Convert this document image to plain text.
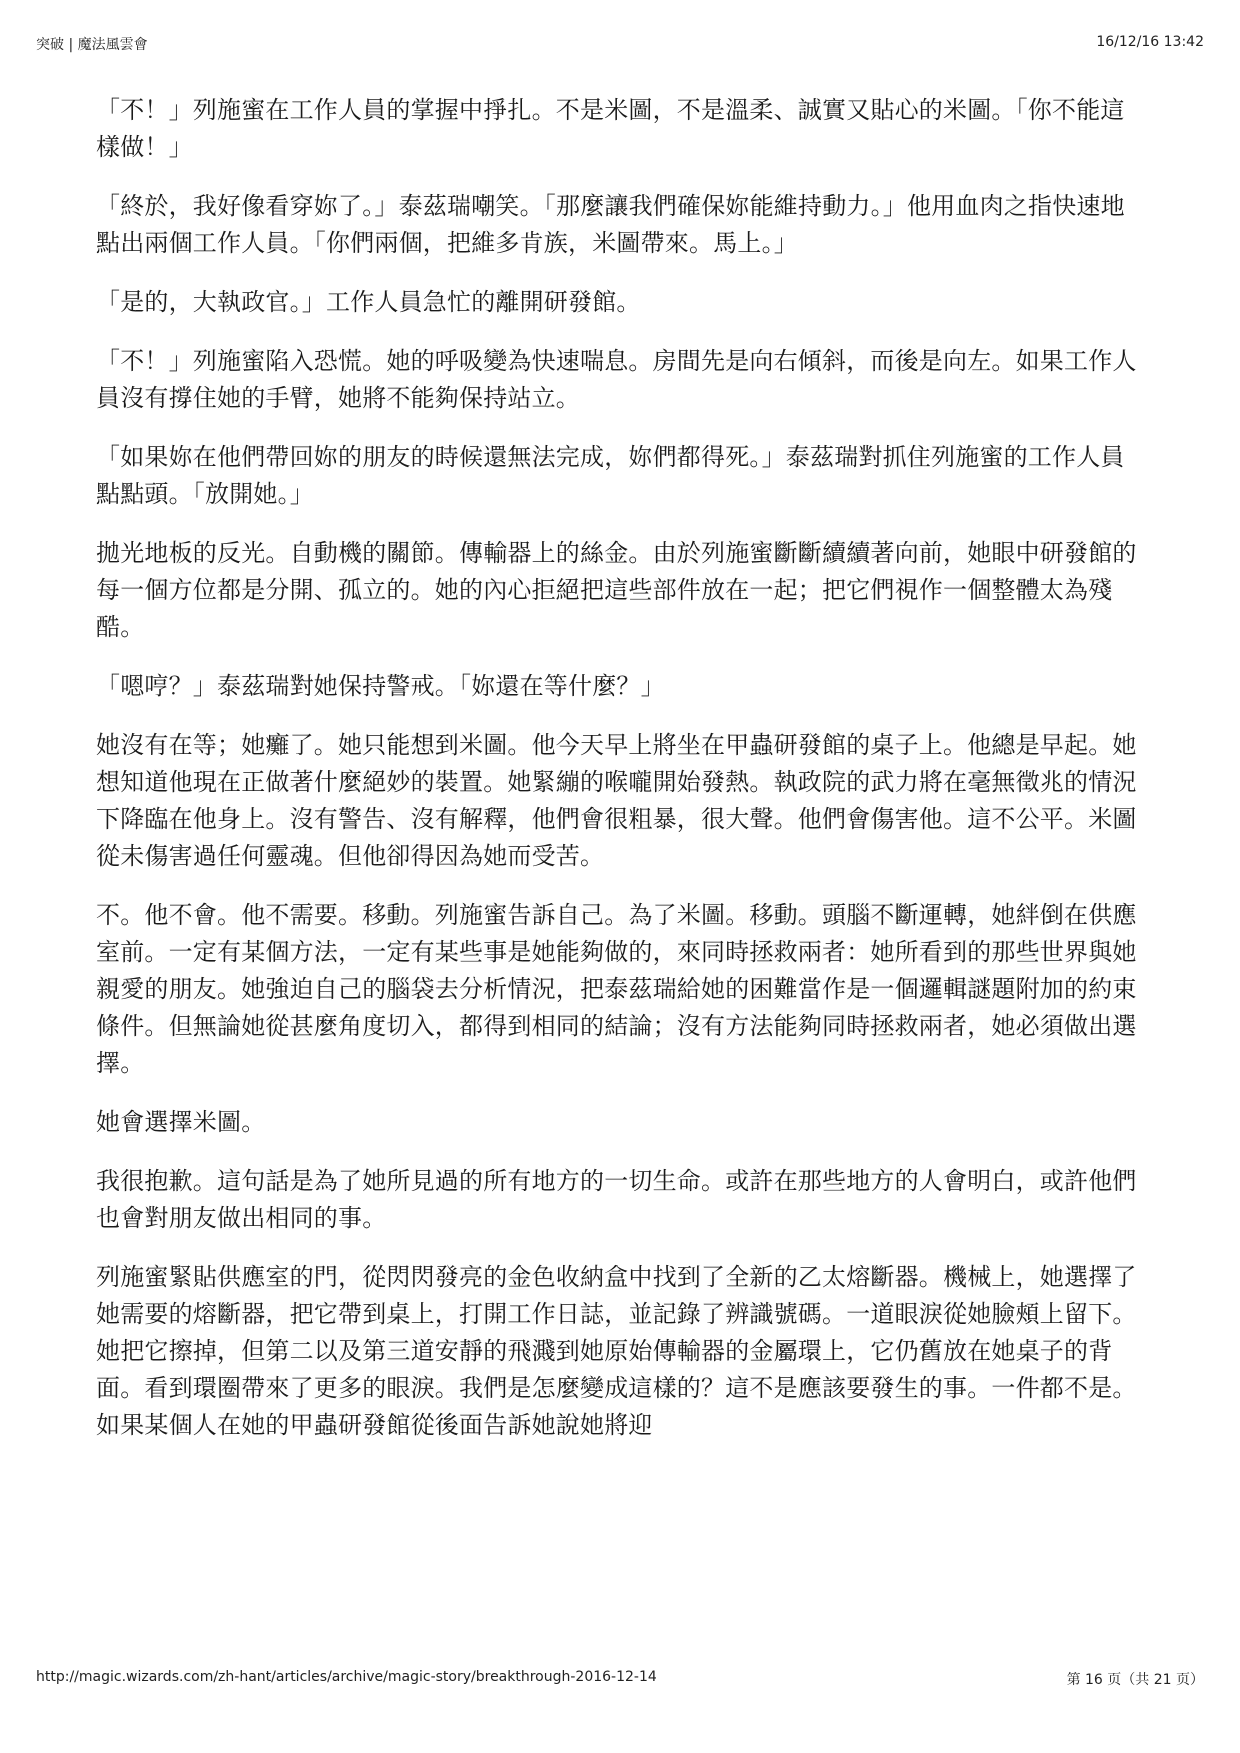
突破 | 魔法風雲會	16/12/16 13:42

「不！」列施蜜在工作人員的掌握中掙扎。不是米圖，不是溫柔、誠實又貼心的米圖。「你不能這樣做！」

「終於，我好像看穿妳了。」泰茲瑞嘲笑。「那麼讓我們確保妳能維持動力。」他用血肉之指快速地點出兩個工作人員。「你們兩個，把維多肯族，米圖帶來。馬上。」

「是的，大執政官。」工作人員急忙的離開研發館。

「不！」列施蜜陷入恐慌。她的呼吸變為快速喘息。房間先是向右傾斜，而後是向左。如果工作人員沒有撐住她的手臂，她將不能夠保持站立。

「如果妳在他們帶回妳的朋友的時候還無法完成，妳們都得死。」泰茲瑞對抓住列施蜜的工作人員點點頭。「放開她。」

拋光地板的反光。自動機的關節。傳輸器上的絲金。由於列施蜜斷斷續續著向前，她眼中研發館的每一個方位都是分開、孤立的。她的內心拒絕把這些部件放在一起；把它們視作一個整體太為殘酷。

「嗯哼？」泰茲瑞對她保持警戒。「妳還在等什麼？」

她沒有在等；她癱了。她只能想到米圖。他今天早上將坐在甲蟲研發館的桌子上。他總是早起。她想知道他現在正做著什麼絕妙的裝置。她緊繃的喉嚨開始發熱。執政院的武力將在毫無徵兆的情況下降臨在他身上。沒有警告、沒有解釋，他們會很粗暴，很大聲。他們會傷害他。這不公平。米圖從未傷害過任何靈魂。但他卻得因為她而受苦。

不。他不會。他不需要。移動。列施蜜告訴自己。為了米圖。移動。頭腦不斷運轉，她絆倒在供應室前。一定有某個方法，一定有某些事是她能夠做的，來同時拯救兩者：她所看到的那些世界與她親愛的朋友。她強迫自己的腦袋去分析情況，把泰茲瑞給她的困難當作是一個邏輯謎題附加的約束條件。但無論她從甚麼角度切入，都得到相同的結論；沒有方法能夠同時拯救兩者，她必須做出選擇。

她會選擇米圖。

我很抱歉。這句話是為了她所見過的所有地方的一切生命。或許在那些地方的人會明白，或許他們也會對朋友做出相同的事。

列施蜜緊貼供應室的門，從閃閃發亮的金色收納盒中找到了全新的乙太熔斷器。機械上，她選擇了她需要的熔斷器，把它帶到桌上，打開工作日誌，並記錄了辨識號碼。一道眼淚從她臉頰上留下。她把它擦掉，但第二以及第三道安靜的飛濺到她原始傳輸器的金屬環上，它仍舊放在她桌子的背面。看到環圈帶來了更多的眼淚。我們是怎麼變成這樣的？這不是應該要發生的事。一件都不是。如果某個人在她的甲蟲研發館從後面告訴她說她將迎

http://magic.wizards.com/zh-hant/articles/archive/magic-story/breakthrough-2016-12-14	第 16 页（共 21 页）
